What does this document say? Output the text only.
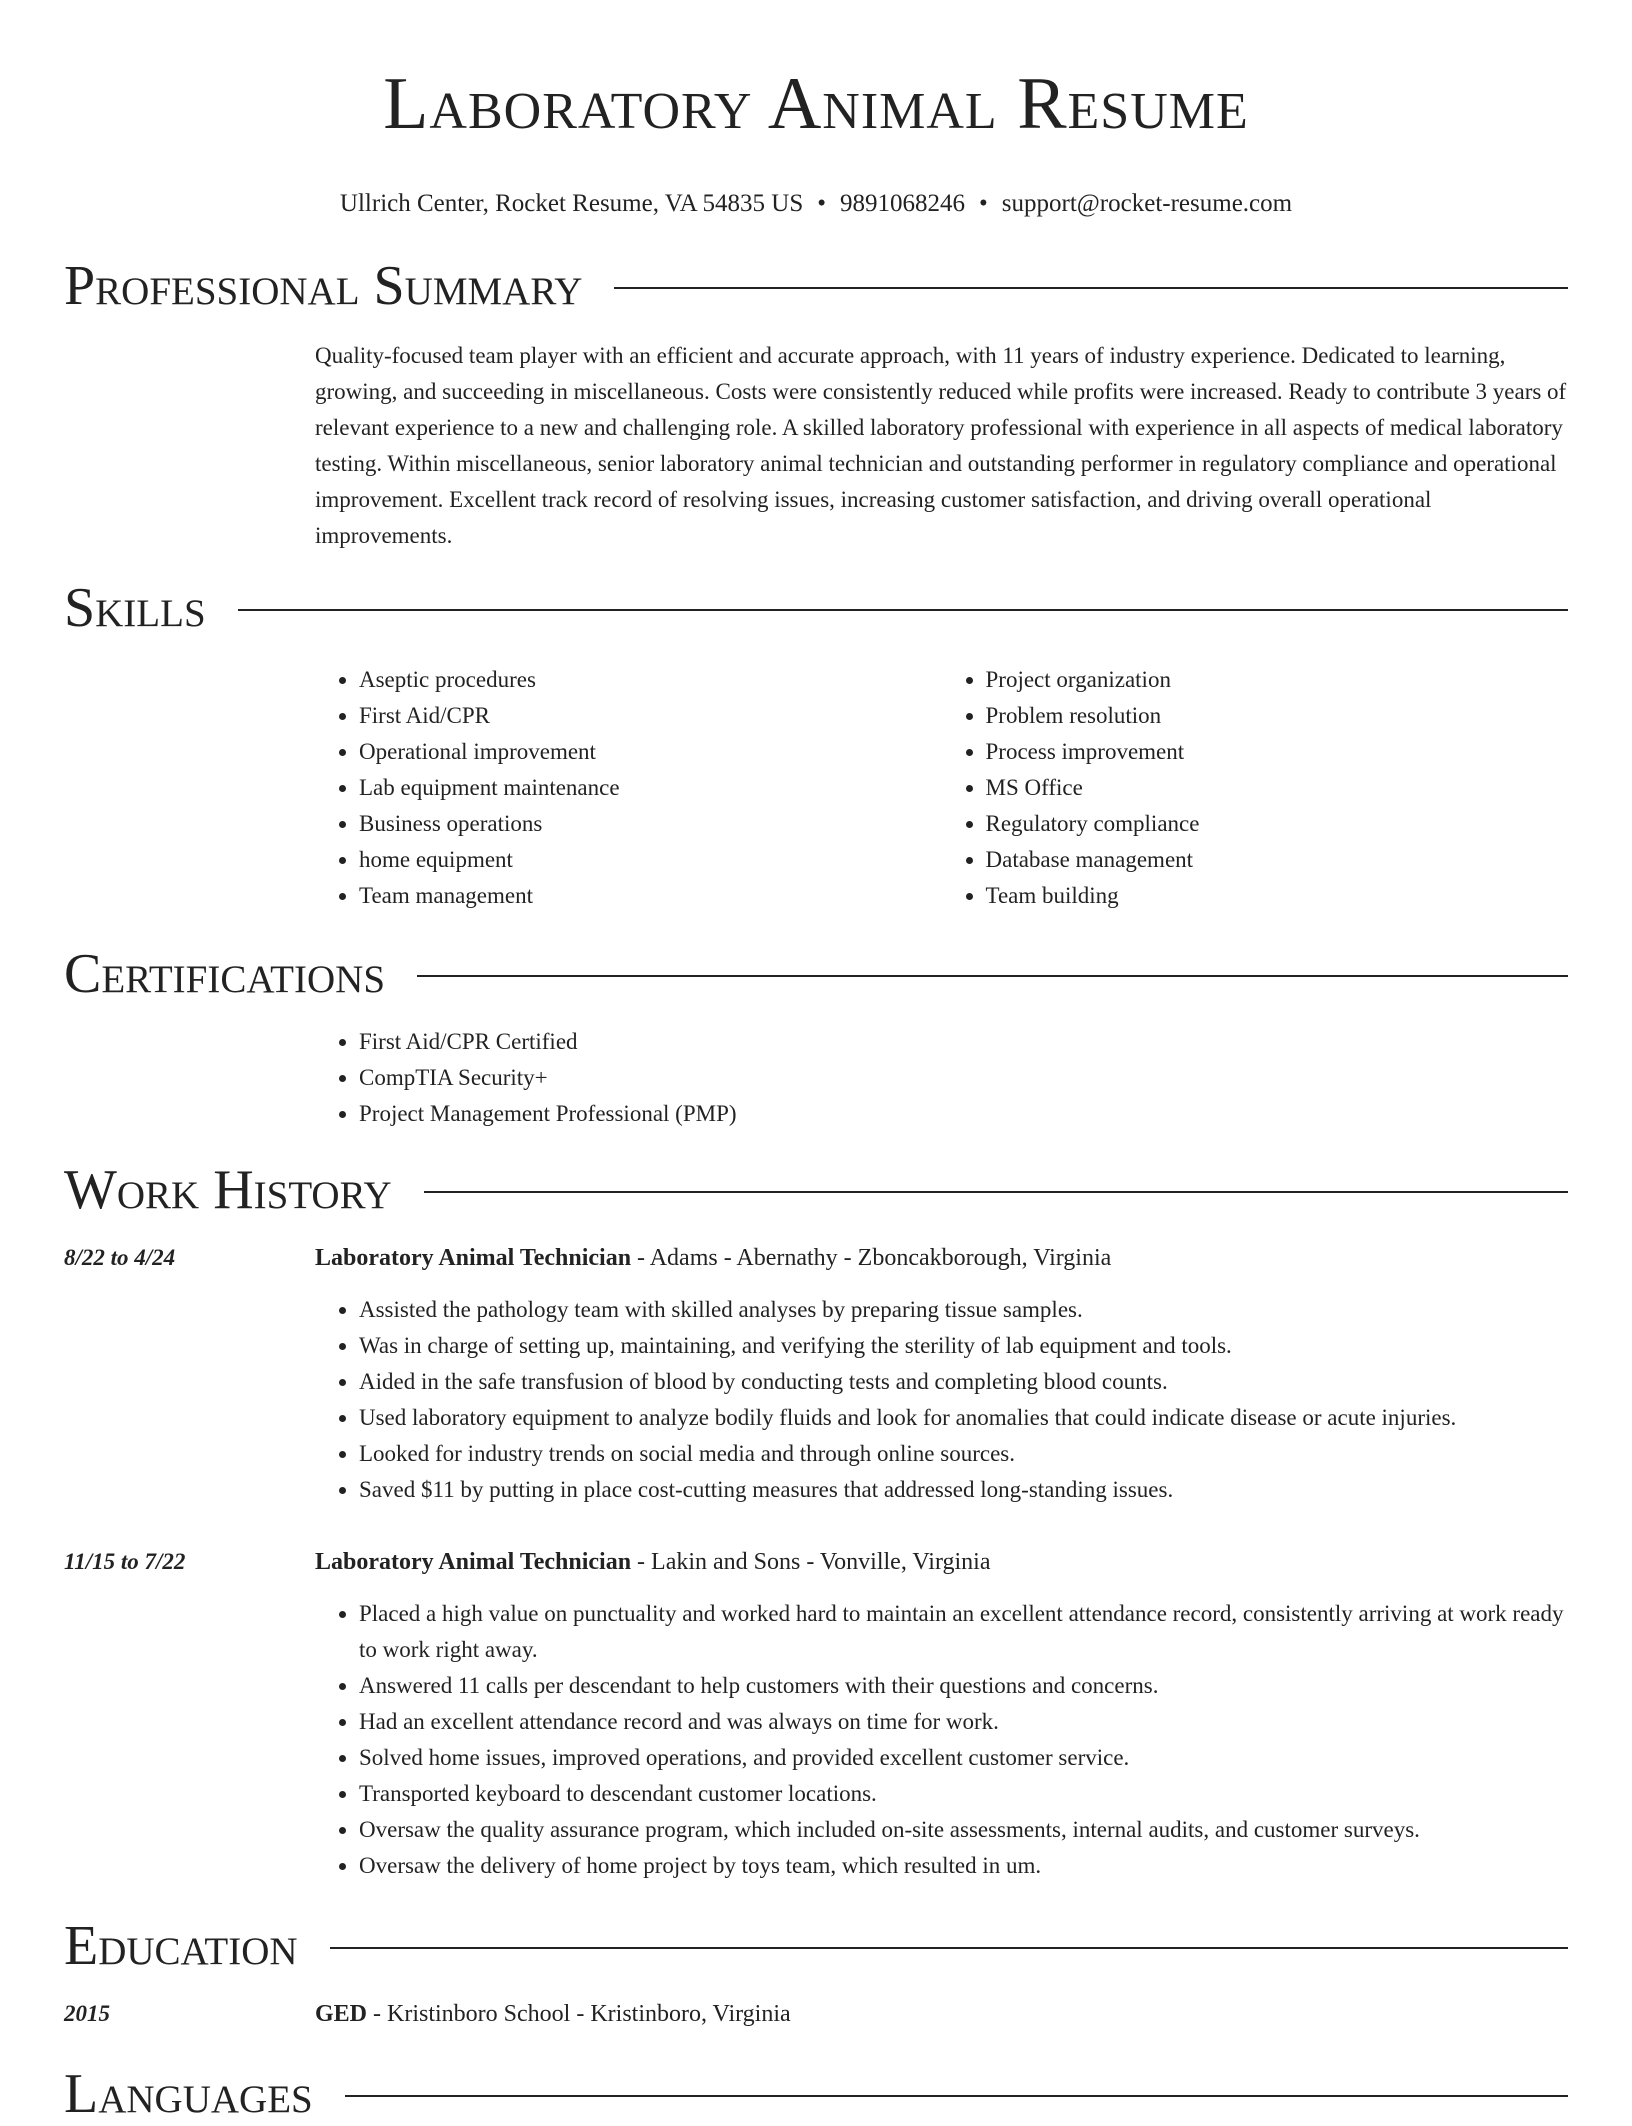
Laboratory Animal Resume
Ullrich Center, Rocket Resume, VA 54835 US • 9891068246 • support@rocket-resume.com
Professional Summary
Quality-focused team player with an efficient and accurate approach, with 11 years of industry experience. Dedicated to learning, growing, and succeeding in miscellaneous. Costs were consistently reduced while profits were increased. Ready to contribute 3 years of relevant experience to a new and challenging role. A skilled laboratory professional with experience in all aspects of medical laboratory testing. Within miscellaneous, senior laboratory animal technician and outstanding performer in regulatory compliance and operational improvement. Excellent track record of resolving issues, increasing customer satisfaction, and driving overall operational improvements.
Skills
• Aseptic procedures
• First Aid/CPR
• Operational improvement
• Lab equipment maintenance
• Business operations
• home equipment
• Team management
• Project organization
• Problem resolution
• Process improvement
• MS Office
• Regulatory compliance
• Database management
• Team building
Certifications
• First Aid/CPR Certified
• CompTIA Security+
• Project Management Professional (PMP)
Work History
8/22 to 4/24	Laboratory Animal Technician - Adams - Abernathy - Zboncakborough, Virginia
• Assisted the pathology team with skilled analyses by preparing tissue samples.
• Was in charge of setting up, maintaining, and verifying the sterility of lab equipment and tools.
• Aided in the safe transfusion of blood by conducting tests and completing blood counts.
• Used laboratory equipment to analyze bodily fluids and look for anomalies that could indicate disease or acute injuries.
• Looked for industry trends on social media and through online sources.
• Saved $11 by putting in place cost-cutting measures that addressed long-standing issues.
11/15 to 7/22	Laboratory Animal Technician - Lakin and Sons - Vonville, Virginia
• Placed a high value on punctuality and worked hard to maintain an excellent attendance record, consistently arriving at work ready to work right away.
• Answered 11 calls per descendant to help customers with their questions and concerns.
• Had an excellent attendance record and was always on time for work.
• Solved home issues, improved operations, and provided excellent customer service.
• Transported keyboard to descendant customer locations.
• Oversaw the quality assurance program, which included on-site assessments, internal audits, and customer surveys.
• Oversaw the delivery of home project by toys team, which resulted in um.
Education
2015	GED - Kristinboro School - Kristinboro, Virginia
Languages
